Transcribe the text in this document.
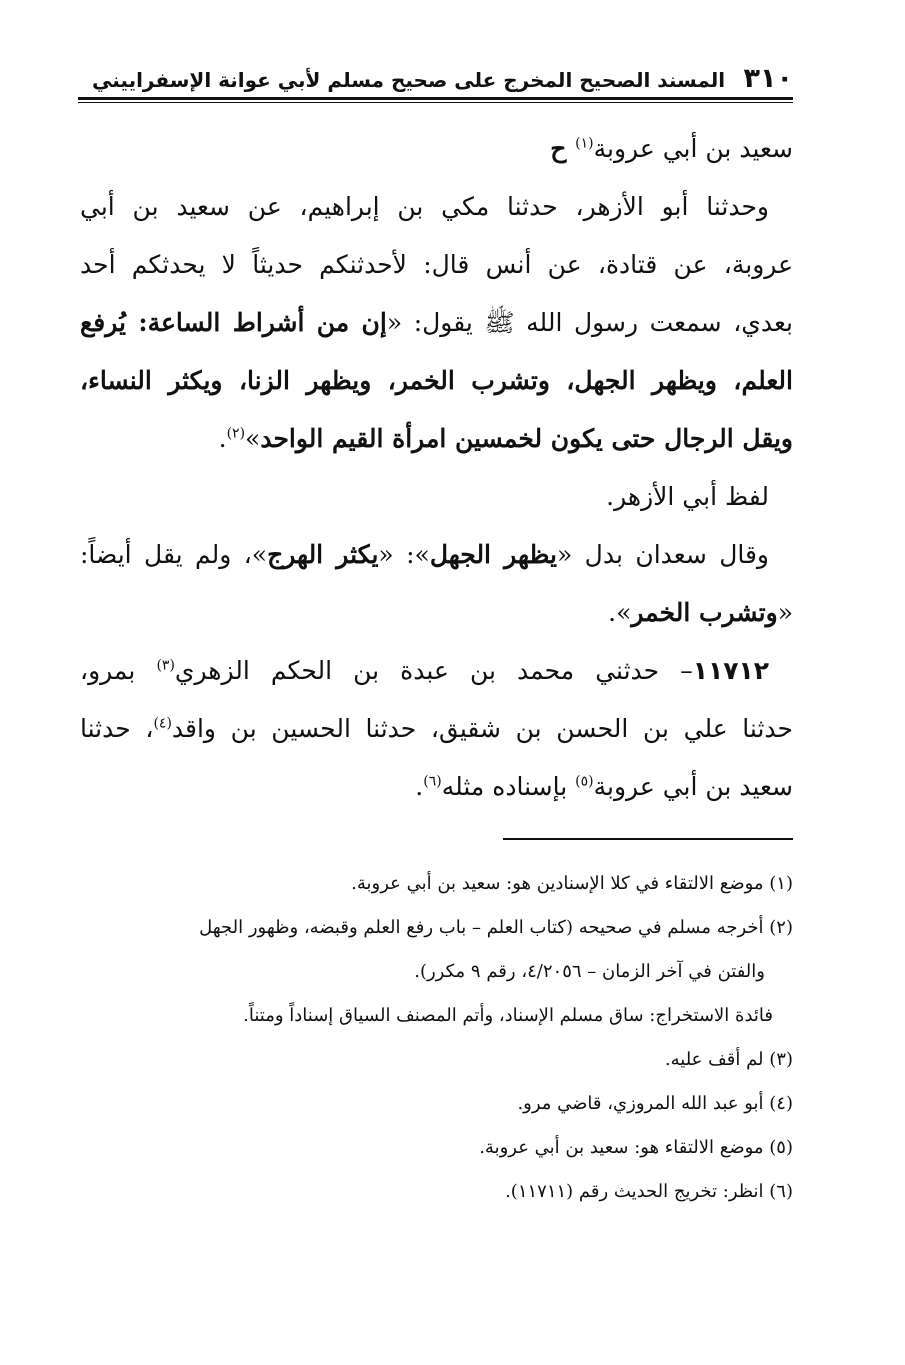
٣١٠
المسند الصحيح المخرج على صحيح مسلم لأبي عوانة الإسفراييني
سعيد بن أبي عروبة$^{(١)}$ ح
وحدثنا أبو الأزهر، حدثنا مكي بن إبراهيم، عن سعيد بن أبي
عروبة، عن قتادة، عن أنس قال: لأحدثنكم حديثاً لا يحدثكم أحد
بعدي، سمعت رسول الله ﷺ يقول: «إن من أشراط الساعة: يُرفع
العلم، ويظهر الجهل، وتشرب الخمر، ويظهر الزنا، ويكثر النساء،
ويقل الرجال حتى يكون لخمسين امرأة القيم الواحد»$^{(٢)}$.
لفظ أبي الأزهر.
وقال سعدان بدل «يظهر الجهل»: «يكثر الهرج»، ولم يقل أيضاً:
«وتشرب الخمر».
١١٧١٢– حدثني محمد بن عبدة بن الحكم الزهري$^{(٣)}$ بمرو،
حدثنا علي بن الحسن بن شقيق، حدثنا الحسين بن واقد$^{(٤)}$، حدثنا
سعيد بن أبي عروبة$^{(٥)}$ بإسناده مثله$^{(٦)}$.
(١) موضع الالتقاء في كلا الإسنادين هو: سعيد بن أبي عروبة.
(٢) أخرجه مسلم في صحيحه (كتاب العلم – باب رفع العلم وقبضه، وظهور الجهل
والفتن في آخر الزمان – ٤/٢٠٥٦، رقم ٩ مكرر).
فائدة الاستخراج: ساق مسلم الإسناد، وأتم المصنف السياق إسناداً ومتناً.
(٣) لم أقف عليه.
(٤) أبو عبد الله المروزي، قاضي مرو.
(٥) موضع الالتقاء هو: سعيد بن أبي عروبة.
(٦) انظر: تخريج الحديث رقم (١١٧١١).
